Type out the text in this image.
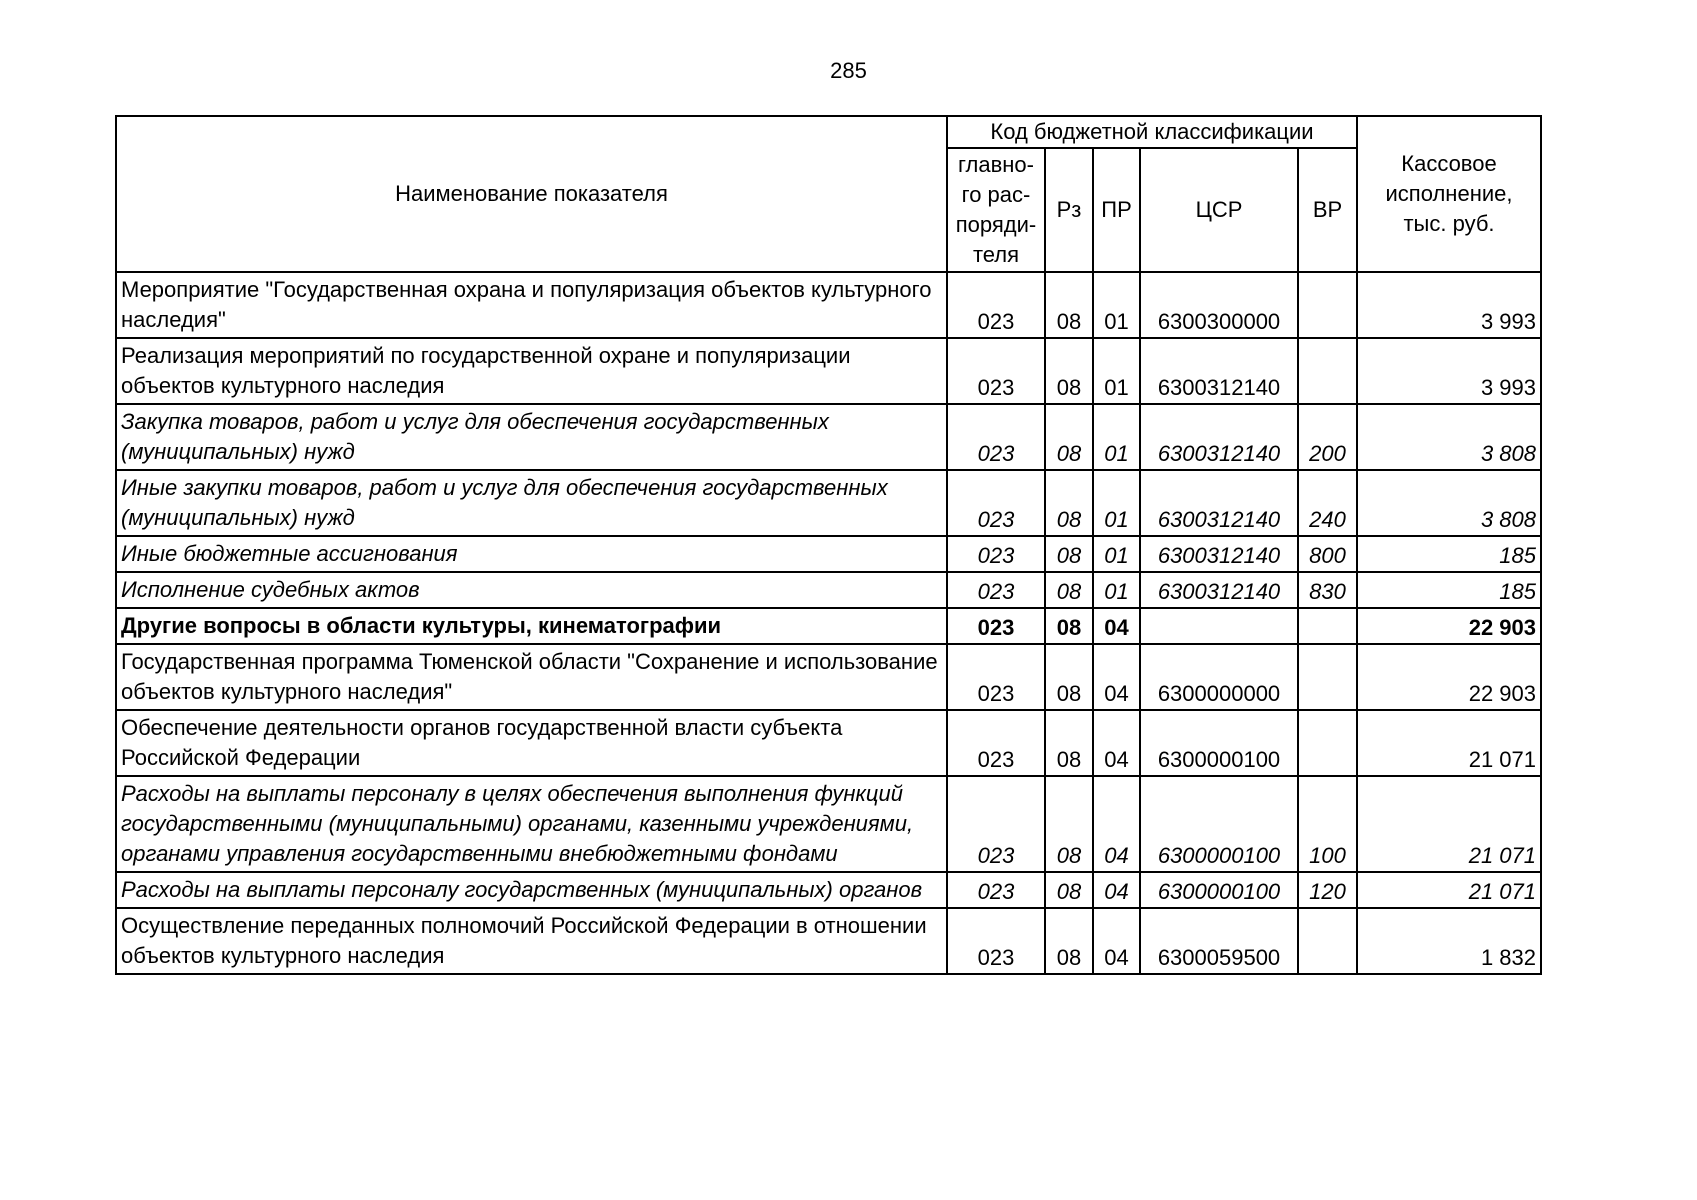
285
Наименование показателя	Код бюджетной классификации					Кассовое исполнение, тыс. руб.
	главно-го рас-поряди-теля	Рз	ПР	ЦСР	ВР	
Мероприятие "Государственная охрана и популяризация объектов культурного наследия"	023	08	01	6300300000		3 993
Реализация мероприятий по государственной охране и популяризации объектов культурного наследия	023	08	01	6300312140		3 993
Закупка товаров, работ и услуг для обеспечения государственных (муниципальных) нужд	023	08	01	6300312140	200	3 808
Иные закупки товаров, работ и услуг для обеспечения государственных (муниципальных) нужд	023	08	01	6300312140	240	3 808
Иные бюджетные ассигнования	023	08	01	6300312140	800	185
Исполнение судебных актов	023	08	01	6300312140	830	185
Другие вопросы в области культуры, кинематографии	023	08	04			22 903
Государственная программа Тюменской области "Сохранение и использование объектов культурного наследия"	023	08	04	6300000000		22 903
Обеспечение деятельности органов государственной власти субъекта Российской Федерации	023	08	04	6300000100		21 071
Расходы на выплаты персоналу в целях обеспечения выполнения функций государственными (муниципальными) органами, казенными учреждениями, органами управления государственными внебюджетными фондами	023	08	04	6300000100	100	21 071
Расходы на выплаты персоналу государственных (муниципальных) органов	023	08	04	6300000100	120	21 071
Осуществление переданных полномочий Российской Федерации в отношении объектов культурного наследия	023	08	04	6300059500		1 832
